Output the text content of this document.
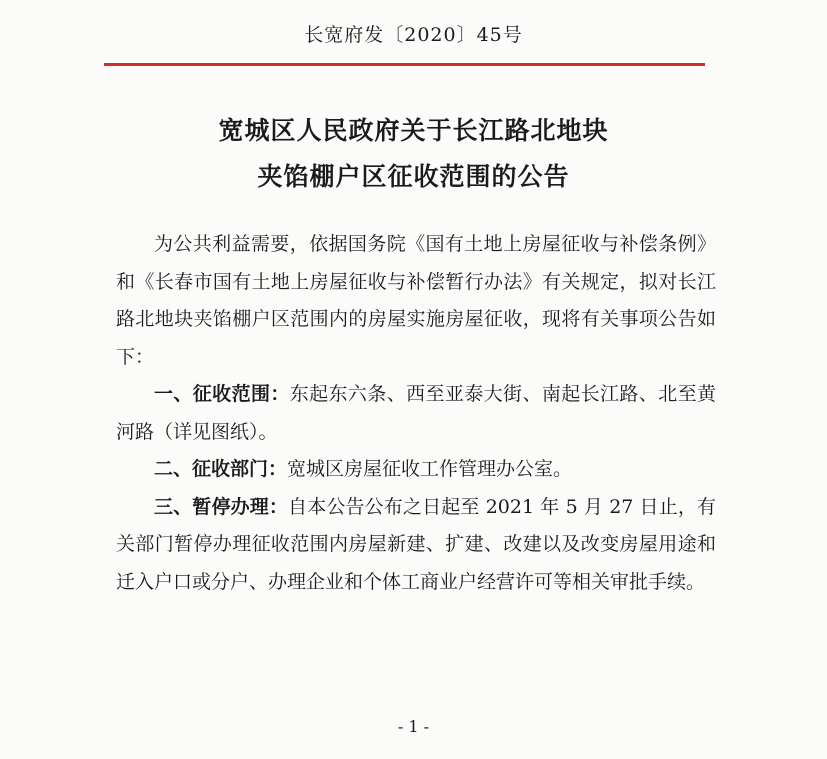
长宽府发〔2020〕45号
宽城区人民政府关于长江路北地块
夹馅棚户区征收范围的公告

为公共利益需要，依据国务院《国有土地上房屋征收与补偿条例》和《长春市国有土地上房屋征收与补偿暂行办法》有关规定，拟对长江路北地块夹馅棚户区范围内的房屋实施房屋征收，现将有关事项公告如下：

一、征收范围：东起东六条、西至亚泰大街、南起长江路、北至黄河路（详见图纸）。

二、征收部门：宽城区房屋征收工作管理办公室。

三、暂停办理：自本公告公布之日起至 2021 年 5 月 27 日止，有关部门暂停办理征收范围内房屋新建、扩建、改建以及改变房屋用途和迁入户口或分户、办理企业和个体工商业户经营许可等相关审批手续。

- 1 -
